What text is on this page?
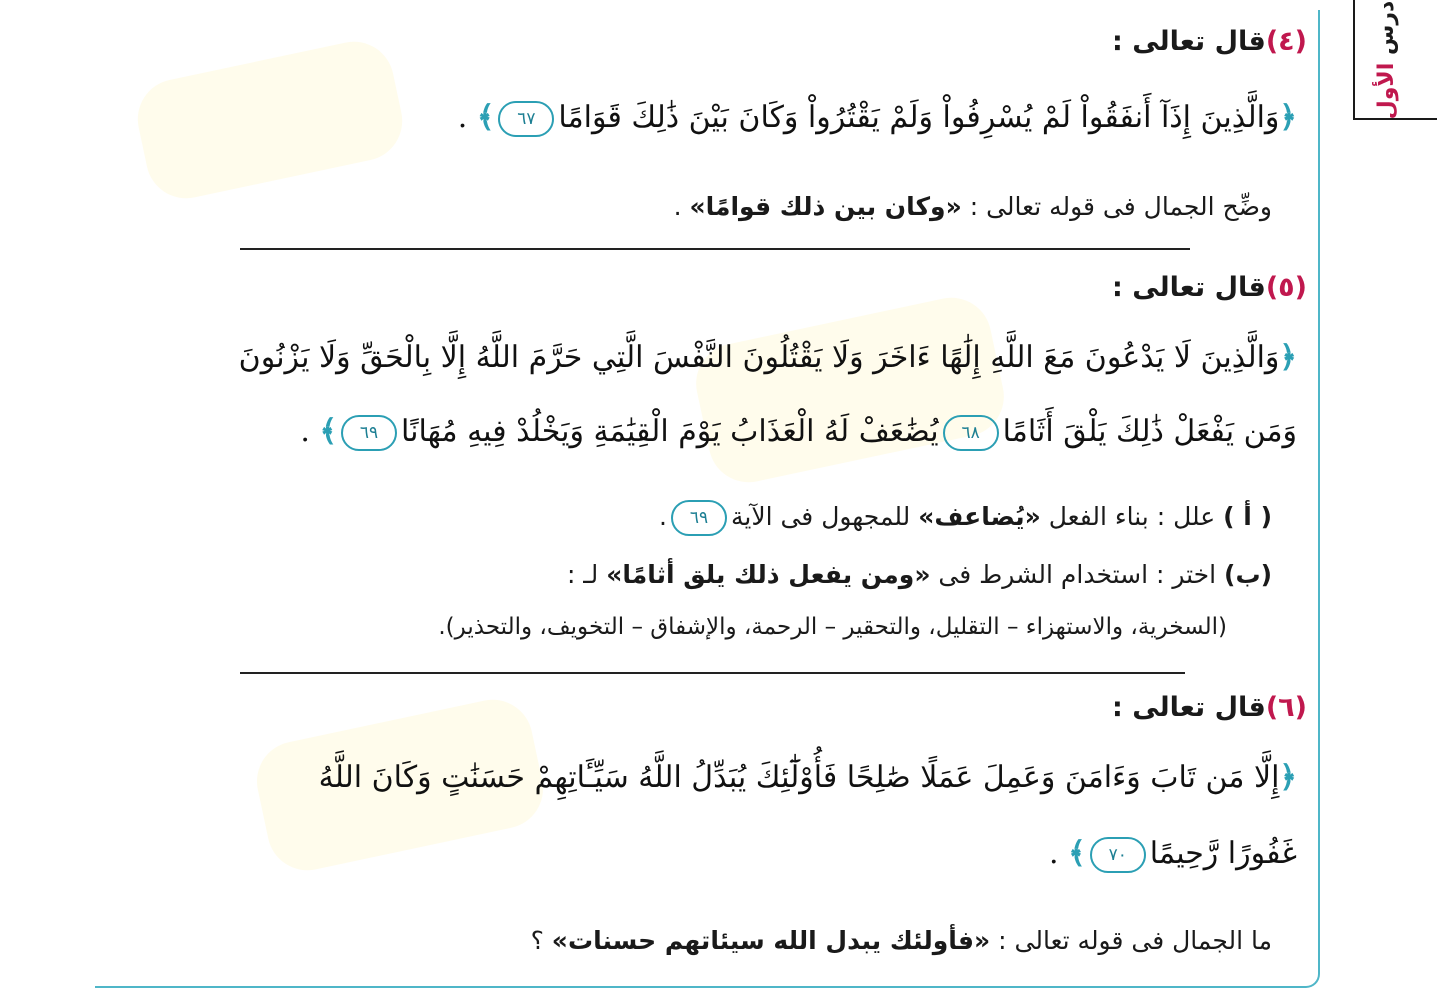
درس الأول
(٤)قال تعالى :
﴿وَالَّذِينَ إِذَآ أَنفَقُواْ لَمْ يُسْرِفُواْ وَلَمْ يَقْتُرُواْ وَكَانَ بَيْنَ ذَٰلِكَ قَوَامًا٦٧﴾ .
وضِّح الجمال فى قوله تعالى : «وكان بين ذلك قوامًا» .
(٥)قال تعالى :
﴿وَالَّذِينَ لَا يَدْعُونَ مَعَ اللَّهِ إِلَٰهًا ءَاخَرَ وَلَا يَقْتُلُونَ النَّفْسَ الَّتِي حَرَّمَ اللَّهُ إِلَّا بِالْحَقِّ وَلَا يَزْنُونَ
وَمَن يَفْعَلْ ذَٰلِكَ يَلْقَ أَثَامًا٦٨يُضَٰعَفْ لَهُ الْعَذَابُ يَوْمَ الْقِيَٰمَةِ وَيَخْلُدْ فِيهِ مُهَانًا٦٩﴾ .
( أ ) علل : بناء الفعل «يُضاعف» للمجهول فى الآية٦٩.
(ب) اختر : استخدام الشرط فى «ومن يفعل ذلك يلق أثامًا» لـ :
(السخرية، والاستهزاء – التقليل، والتحقير – الرحمة، والإشفاق – التخويف، والتحذير).
(٦)قال تعالى :
﴿إِلَّا مَن تَابَ وَءَامَنَ وَعَمِلَ عَمَلًا صَٰلِحًا فَأُوْلَٰٓئِكَ يُبَدِّلُ اللَّهُ سَيِّـَٔاتِهِمْ حَسَنَٰتٍ وَكَانَ اللَّهُ
غَفُورًا رَّحِيمًا٧٠﴾ .
ما الجمال فى قوله تعالى : «فأولئك يبدل الله سيئاتهم حسنات» ؟
